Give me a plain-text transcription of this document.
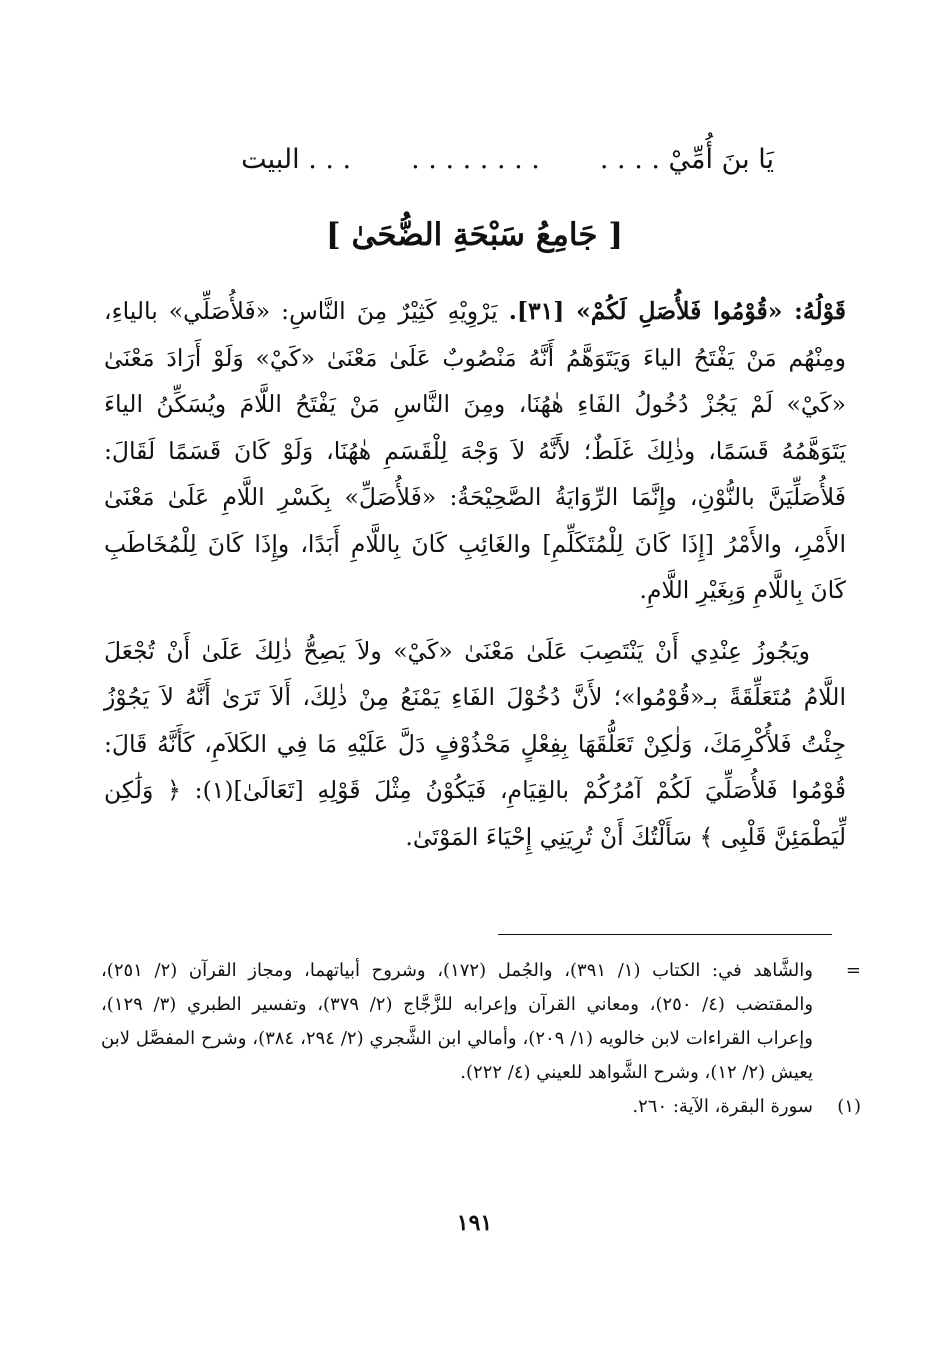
يَا بنَ أُمِّيْ . . . .
. . . . . . . .
. . . البيت
[ جَامِعُ سَبْحَةِ الضُّحَىٰ ]

قَوْلُهُ: «قُوْمُوا فَلأُصَلِ لَكُمْ» [٣١]. يَرْوِيْهِ كَثِيْرٌ مِنَ النَّاسِ: «فَلأُصَلِّي» بالياءِ، ومِنْهُم مَنْ يَفْتَحُ الياءَ وَيَتَوَهَّمُ أَنَّهُ مَنْصُوبٌ عَلَىٰ مَعْنَىٰ «كَيْ» وَلَوْ أَرَادَ مَعْنَىٰ «كَيْ» لَمْ يَجُزْ دُخُولُ الفَاءِ هٰهُنَا، ومِنَ النَّاسِ مَنْ يَفْتَحُ اللَّامَ ويُسَكِّنُ الياءَ يَتَوَهَّمُهُ قَسَمًا، وذٰلِكَ غَلَطٌ؛ لأَنَّهُ لاَ وَجْهَ لِلْقَسَمِ هٰهُنَا، وَلَوْ كَانَ قَسَمًا لَقَالَ: فَلأُصَلِّيَنَّ بالنُّوْنِ، وإِنَّمَا الرِّوَايَةُ الصَّحِيْحَةُ: «فَلأُصَلِّ» بِكَسْرِ اللَّامِ عَلَىٰ مَعْنَىٰ الأَمْرِ، والأَمْرُ [إِذَا كَانَ لِلْمُتَكَلِّمِ] والغَائِبِ كَانَ بِاللَّامِ أَبَدًا، وإِذَا كَانَ لِلْمُخَاطَبِ كَانَ بِاللَّامِ وَبِغَيْرِ اللَّامِ.

ويَجُوزُ عِنْدِي أَنْ يَنْتَصِبَ عَلَىٰ مَعْنَىٰ «كَيْ» ولاَ يَصِحُّ ذٰلِكَ عَلَىٰ أَنْ تُجْعَلَ اللَّامُ مُتَعَلِّقَةً بـ«قُوْمُوا»؛ لأَنَّ دُخُوْلَ الفَاءِ يَمْنَعُ مِنْ ذٰلِكَ، أَلاَ تَرَىٰ أَنَّهُ لاَ يَجُوْزُ جِئْتُ فَلأُكْرِمَكَ، وَلٰكِنْ تَعَلُّقَهَا بِفِعْلٍ مَحْذُوْفٍ دَلَّ عَلَيْهِ مَا فِي الكَلاَمِ، كَأَنَّهُ قَالَ: قُوْمُوا فَلأُصَلِّيَ لَكُمْ آمُرُكُمْ بالقِيَامِ، فَيَكُوْنُ مِثْلَ قَوْلِهِ [تَعَالَىٰ](١): ﴿ وَلَٰكِن لِّيَطْمَئِنَّ قَلْبِى ﴾ سَأَلْتُكَ أَنْ تُرِيَنِي إِحْيَاءَ المَوْتَىٰ.

=
والشَّاهد في: الكتاب (١/ ٣٩١)، والجُمل (١٧٢)، وشروح أبياتهما، ومجاز القرآن (٢/ ٢٥١)، والمقتضب (٤/ ٢٥٠)، ومعاني القرآن وإعرابه للزَّجَّاج (٢/ ٣٧٩)، وتفسير الطبري (٣/ ١٢٩)، وإعراب القراءات لابن خالويه (١/ ٢٠٩)، وأمالي ابن الشَّجري (٢/ ٢٩٤، ٣٨٤)، وشرح المفصَّل لابن يعيش (٢/ ١٢)، وشرح الشَّواهد للعيني (٤/ ٢٢٢).
(١)
سورة البقرة، الآية: ٢٦٠.
١٩١
